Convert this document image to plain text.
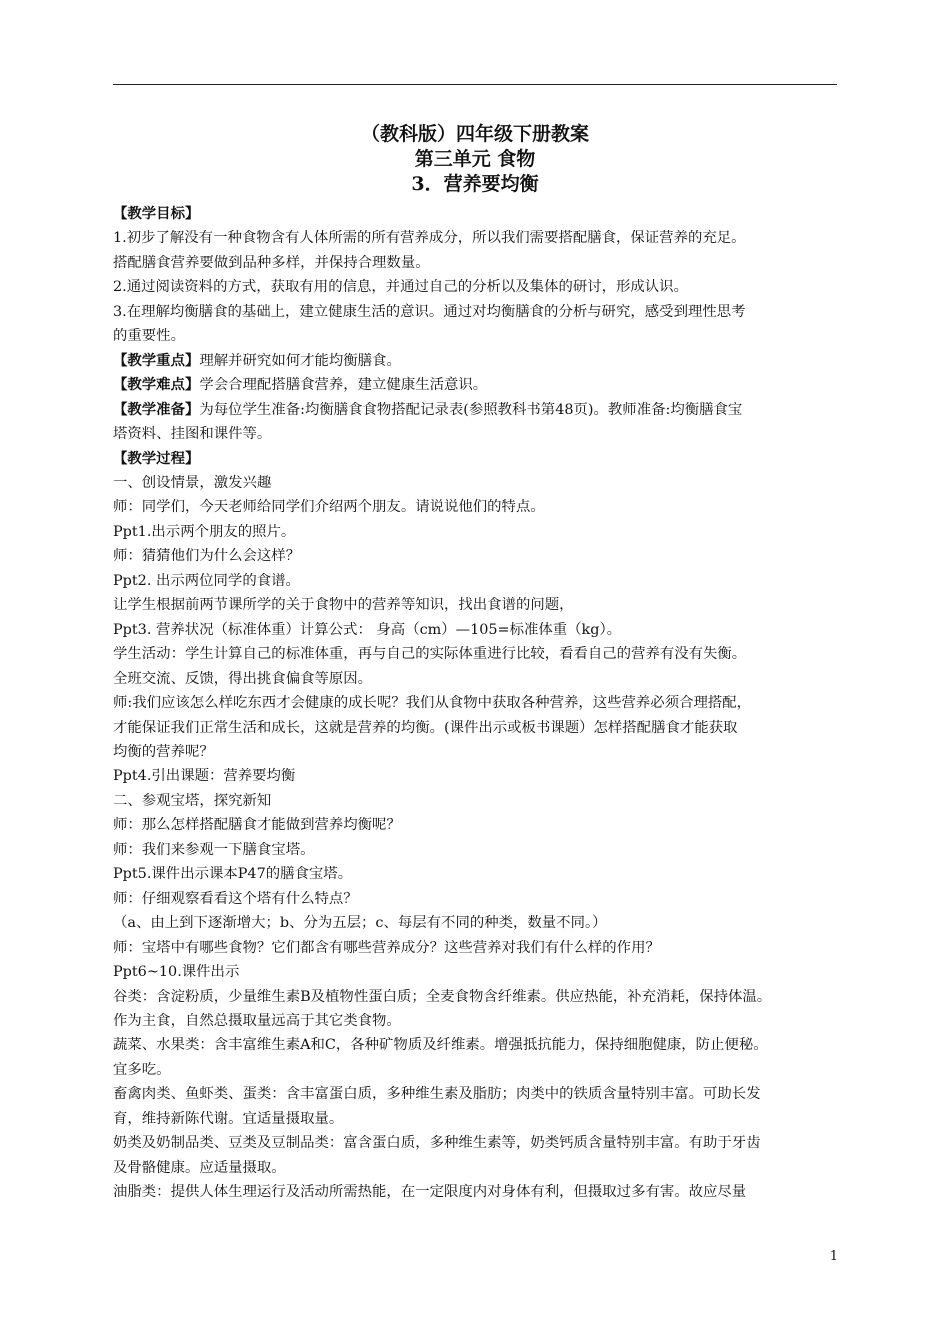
（教科版）四年级下册教案
第三单元 食物
3．营养要均衡

【教学目标】

1.初步了解没有一种食物含有人体所需的所有营养成分，所以我们需要搭配膳食，保证营养的充足。

搭配膳食营养要做到品种多样，并保持合理数量。

2.通过阅读资料的方式，获取有用的信息，并通过自己的分析以及集体的研讨，形成认识。

3.在理解均衡膳食的基础上，建立健康生活的意识。通过对均衡膳食的分析与研究，感受到理性思考

的重要性。

【教学重点】理解并研究如何才能均衡膳食。

【教学难点】学会合理配搭膳食营养，建立健康生活意识。

【教学准备】为每位学生准备:均衡膳食食物搭配记录表(参照教科书第48页)。教师准备:均衡膳食宝

塔资料、挂图和课件等。

【教学过程】

一、创设情景，激发兴趣

师：同学们，今天老师给同学们介绍两个朋友。请说说他们的特点。

Ppt1.出示两个朋友的照片。

师：猜猜他们为什么会这样？

Ppt2. 出示两位同学的食谱。

让学生根据前两节课所学的关于食物中的营养等知识，找出食谱的问题，

Ppt3. 营养状况（标准体重）计算公式： 身高（cm）—105=标准体重（kg）。

学生活动：学生计算自己的标准体重，再与自己的实际体重进行比较，看看自己的营养有没有失衡。

全班交流、反馈，得出挑食偏食等原因。

师:我们应该怎么样吃东西才会健康的成长呢？我们从食物中获取各种营养，这些营养必须合理搭配，

才能保证我们正常生活和成长，这就是营养的均衡。(课件出示或板书课题）怎样搭配膳食才能获取

均衡的营养呢？

Ppt4.引出课题：营养要均衡

二、参观宝塔，探究新知

师：那么怎样搭配膳食才能做到营养均衡呢？

师：我们来参观一下膳食宝塔。

Ppt5.课件出示课本P47的膳食宝塔。

师：仔细观察看看这个塔有什么特点？

（a、由上到下逐渐增大；b、分为五层；c、每层有不同的种类，数量不同。）

师：宝塔中有哪些食物？它们都含有哪些营养成分？这些营养对我们有什么样的作用？

Ppt6~10.课件出示

谷类：含淀粉质，少量维生素B及植物性蛋白质；全麦食物含纤维素。供应热能，补充消耗，保持体温。

作为主食，自然总摄取量远高于其它类食物。

蔬菜、水果类：含丰富维生素A和C，各种矿物质及纤维素。增强抵抗能力，保持细胞健康，防止便秘。

宜多吃。

畜禽肉类、鱼虾类、蛋类：含丰富蛋白质，多种维生素及脂肪；肉类中的铁质含量特别丰富。可助长发

育，维持新陈代谢。宜适量摄取量。

奶类及奶制品类、豆类及豆制品类：富含蛋白质，多种维生素等，奶类钙质含量特别丰富。有助于牙齿

及骨骼健康。应适量摄取。

油脂类：提供人体生理运行及活动所需热能，在一定限度内对身体有利，但摄取过多有害。故应尽量

1
